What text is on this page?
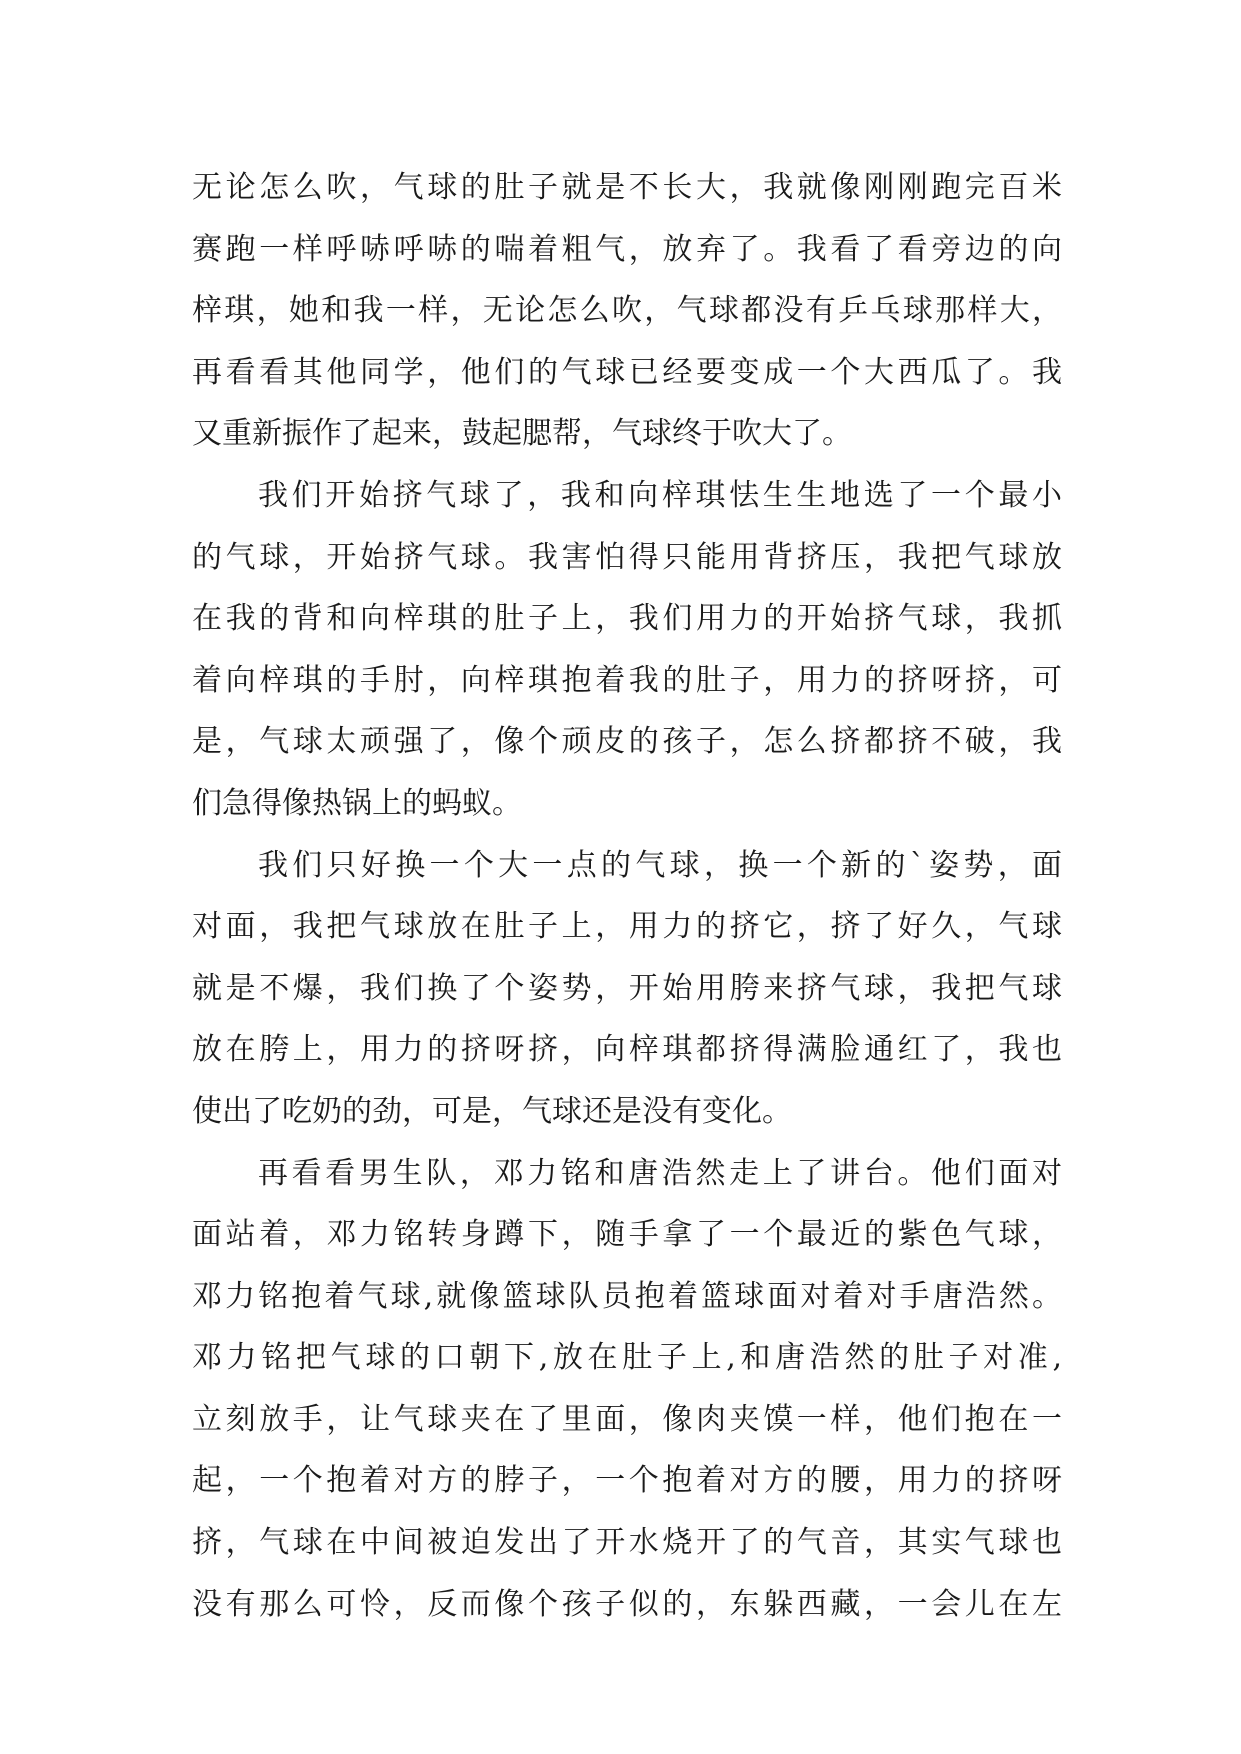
无论怎么吹，气球的肚子就是不长大，我就像刚刚跑完百米
赛跑一样呼哧呼哧的喘着粗气，放弃了。我看了看旁边的向
梓琪，她和我一样，无论怎么吹，气球都没有乒乓球那样大，
再看看其他同学，他们的气球已经要变成一个大西瓜了。我
又重新振作了起来，鼓起腮帮，气球终于吹大了。
我们开始挤气球了，我和向梓琪怯生生地选了一个最小
的气球，开始挤气球。我害怕得只能用背挤压，我把气球放
在我的背和向梓琪的肚子上，我们用力的开始挤气球，我抓
着向梓琪的手肘，向梓琪抱着我的肚子，用力的挤呀挤，可
是，气球太顽强了，像个顽皮的孩子，怎么挤都挤不破，我
们急得像热锅上的蚂蚁。
我们只好换一个大一点的气球，换一个新的`姿势，面
对面，我把气球放在肚子上，用力的挤它，挤了好久，气球
就是不爆，我们换了个姿势，开始用胯来挤气球，我把气球
放在胯上，用力的挤呀挤，向梓琪都挤得满脸通红了，我也
使出了吃奶的劲，可是，气球还是没有变化。
再看看男生队，邓力铭和唐浩然走上了讲台。他们面对
面站着，邓力铭转身蹲下，随手拿了一个最近的紫色气球，
邓力铭抱着气球,就像篮球队员抱着篮球面对着对手唐浩然。
邓力铭把气球的口朝下,放在肚子上,和唐浩然的肚子对准,
立刻放手，让气球夹在了里面，像肉夹馍一样，他们抱在一
起，一个抱着对方的脖子，一个抱着对方的腰，用力的挤呀
挤，气球在中间被迫发出了开水烧开了的气音，其实气球也
没有那么可怜，反而像个孩子似的，东躲西藏，一会儿在左
